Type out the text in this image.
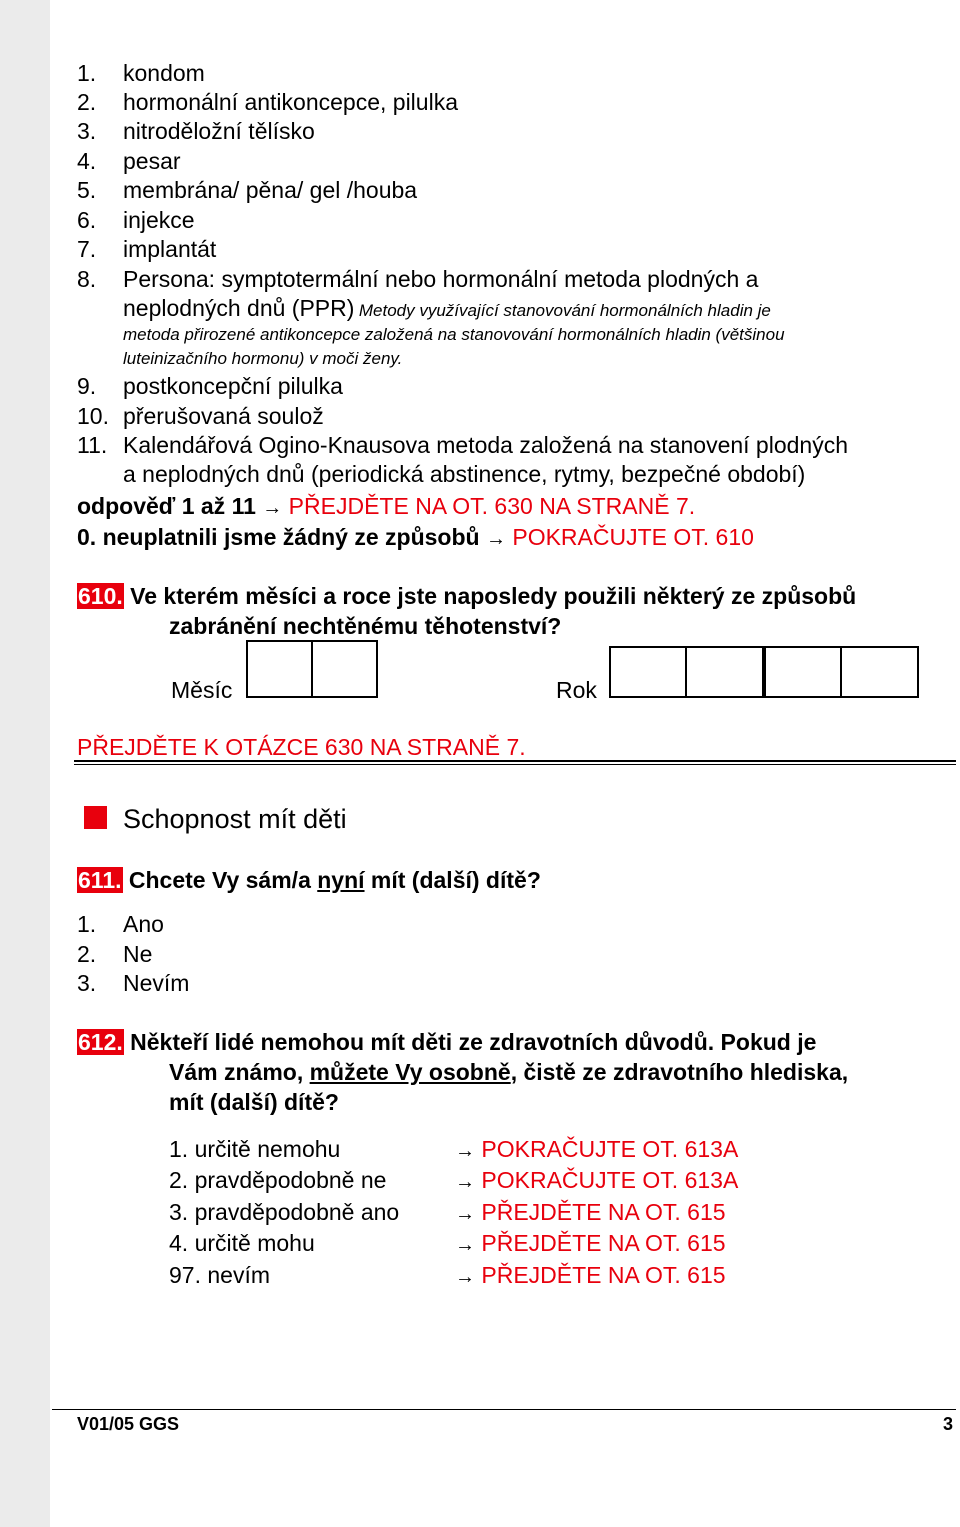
1. kondom
2. hormonální antikoncepce, pilulka
3. nitroděložní tělísko
4. pesar
5. membrána/ pěna/ gel /houba
6. injekce
7. implantát
8. Persona: symptotermální nebo hormonální metoda plodných a
neplodných dnů (PPR) Metody využívající stanovování hormonálních hladin je
metoda přirozené antikoncepce založená na stanovování hormonálních hladin (většinou
luteinizačního hormonu) v moči ženy.
9. postkoncepční pilulka
10. přerušovaná soulož
11. Kalendářová Ogino-Knausova metoda založená na stanovení plodných
a neplodných dnů (periodická abstinence, rytmy, bezpečné období)
odpověď 1 až 11 → PŘEJDĚTE NA OT. 630 NA STRANĚ 7.
0. neuplatnili jsme žádný ze způsobů → POKRAČUJTE OT. 610
610. Ve kterém měsíci a roce jste naposledy použili některý ze způsobů
zabránění nechtěnému těhotenství?
Měsíc	Rok
PŘEJDĚTE K OTÁZCE 630 NA STRANĚ 7.
Schopnost mít děti
611. Chcete Vy sám/a nyní mít (další) dítě?
1. Ano
2. Ne
3. Nevím
612. Někteří lidé nemohou mít děti ze zdravotních důvodů. Pokud je
Vám známo, můžete Vy osobně, čistě ze zdravotního hlediska,
mít (další) dítě?
1. určitě nemohu	→ POKRAČUJTE OT. 613A
2. pravděpodobně ne	→ POKRAČUJTE OT. 613A
3. pravděpodobně ano	→ PŘEJDĚTE NA OT. 615
4. určitě mohu	→ PŘEJDĚTE NA OT. 615
97. nevím	→ PŘEJDĚTE NA OT. 615
V01/05 GGS	3
